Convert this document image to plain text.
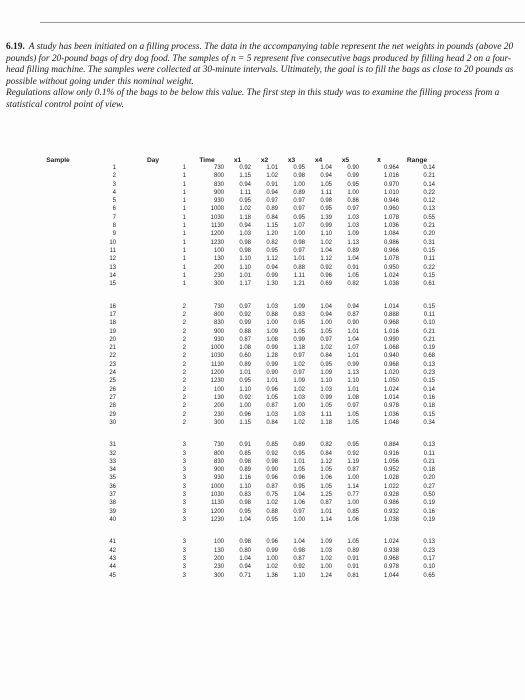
6.19. A study has been initiated on a filling process. The data in the accompanying table represent the net weights in pounds (above 20 pounds) for 20-pound bags of dry dog food. The samples of n = 5 represent five consecutive bags produced by filling head 2 on a four-head filling machine. The samples were collected at 30-minute intervals. Ultimately, the goal is to fill the bags as close to 20 pounds as possible without going under this nominal weight.

Regulations allow only 0.1% of the bags to be below this value. The first step in this study was to examine the filling process from a statistical control point of view.

Sample	Day	Time	x1	x2	x3	x4	x5	x̄	Range
1	1	730	0.92	1.01	0.95	1.04	0.90	0.964	0.14
2	1	800	1.15	1.02	0.98	0.94	0.99	1.016	0.21
3	1	830	0.94	0.91	1.00	1.05	0.95	0.970	0.14
4	1	900	1.11	0.94	0.89	1.11	1.00	1.010	0.22
5	1	930	0.95	0.97	0.97	0.98	0.86	0.946	0.12
6	1	1000	1.02	0.89	0.97	0.95	0.97	0.960	0.13
7	1	1030	1.18	0.84	0.95	1.39	1.03	1.078	0.55
8	1	1130	0.94	1.15	1.07	0.99	1.03	1.036	0.21
9	1	1200	1.03	1.20	1.00	1.10	1.09	1.084	0.20
10	1	1230	0.98	0.82	0.98	1.02	1.13	0.986	0.31
11	1	100	0.98	0.95	0.97	1.04	0.89	0.966	0.15
12	1	130	1.10	1.12	1.01	1.12	1.04	1.078	0.11
13	1	200	1.10	0.94	0.88	0.92	0.91	0.950	0.22
14	1	230	1.01	0.99	1.11	0.96	1.05	1.024	0.15
15	1	300	1.17	1.30	1.21	0.69	0.82	1.038	0.61

16	2	730	0.97	1.03	1.09	1.04	0.94	1.014	0.15
17	2	800	0.92	0.88	0.83	0.94	0.87	0.888	0.11
18	2	830	0.99	1.00	0.95	1.00	0.90	0.968	0.10
19	2	900	0.88	1.09	1.05	1.05	1.01	1.016	0.21
20	2	930	0.87	1.08	0.99	0.97	1.04	0.990	0.21
21	2	1000	1.08	0.99	1.18	1.02	1.07	1.068	0.19
22	2	1030	0.60	1.28	0.97	0.84	1.01	0.940	0.68
23	2	1130	0.89	0.99	1.02	0.95	0.99	0.968	0.13
24	2	1200	1.01	0.90	0.97	1.09	1.13	1.020	0.23
25	2	1230	0.95	1.01	1.09	1.10	1.10	1.050	0.15
26	2	100	1.10	0.96	1.02	1.03	1.01	1.024	0.14
27	2	130	0.92	1.05	1.03	0.99	1.08	1.014	0.16
28	2	200	1.00	0.87	1.00	1.05	0.97	0.978	0.18
29	2	230	0.96	1.03	1.03	1.11	1.05	1.036	0.15
30	2	300	1.15	0.84	1.02	1.18	1.05	1.048	0.34

31	3	730	0.91	0.85	0.89	0.82	0.95	0.884	0.13
32	3	800	0.85	0.92	0.95	0.84	0.92	0.916	0.11
33	3	830	0.98	0.98	1.01	1.12	1.19	1.056	0.21
34	3	900	0.89	0.90	1.05	1.05	0.87	0.952	0.18
35	3	930	1.16	0.96	0.96	1.06	1.00	1.028	0.20
36	3	1000	1.10	0.87	0.95	1.05	1.14	1.022	0.27
37	3	1030	0.83	0.75	1.04	1.25	0.77	0.928	0.50
38	3	1130	0.98	1.02	1.06	0.87	1.00	0.986	0.19
39	3	1200	0.95	0.88	0.97	1.01	0.85	0.932	0.16
40	3	1230	1.04	0.95	1.00	1.14	1.06	1.038	0.19

41	3	100	0.98	0.96	1.04	1.09	1.05	1.024	0.13
42	3	130	0.80	0.99	0.98	1.03	0.89	0.938	0.23
43	3	200	1.04	1.00	0.87	1.02	0.91	0.968	0.17
44	3	230	0.94	1.02	0.92	1.00	0.91	0.978	0.10
45	3	300	0.71	1.36	1.10	1.24	0.81	1.044	0.65
